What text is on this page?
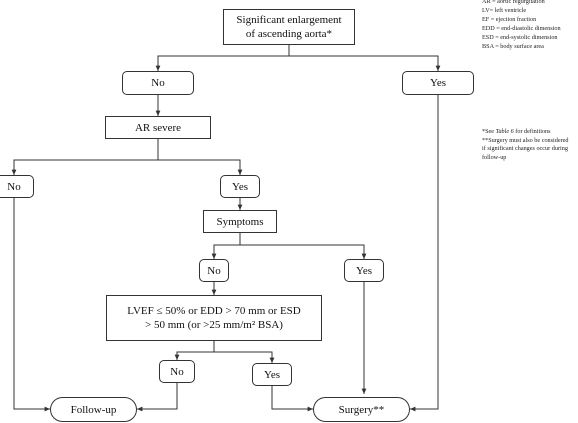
Significant enlargement
of ascending aorta*
No	Yes
AR severe
No	Yes
Symptoms
No	Yes
LVEF ≤ 50% or EDD > 70 mm or ESD
> 50 mm (or >25 mm/m² BSA)
No	Yes
Follow-up	Surgery**
AR = aortic regurgitation
LV= left ventricle
EF = ejection fraction
EDD = end-diastolic dimension
ESD = end-systolic dimension
BSA = body surface area
*See Table 6 for definitions
**Surgery must also be considered
if significant changes occur during
follow-up
